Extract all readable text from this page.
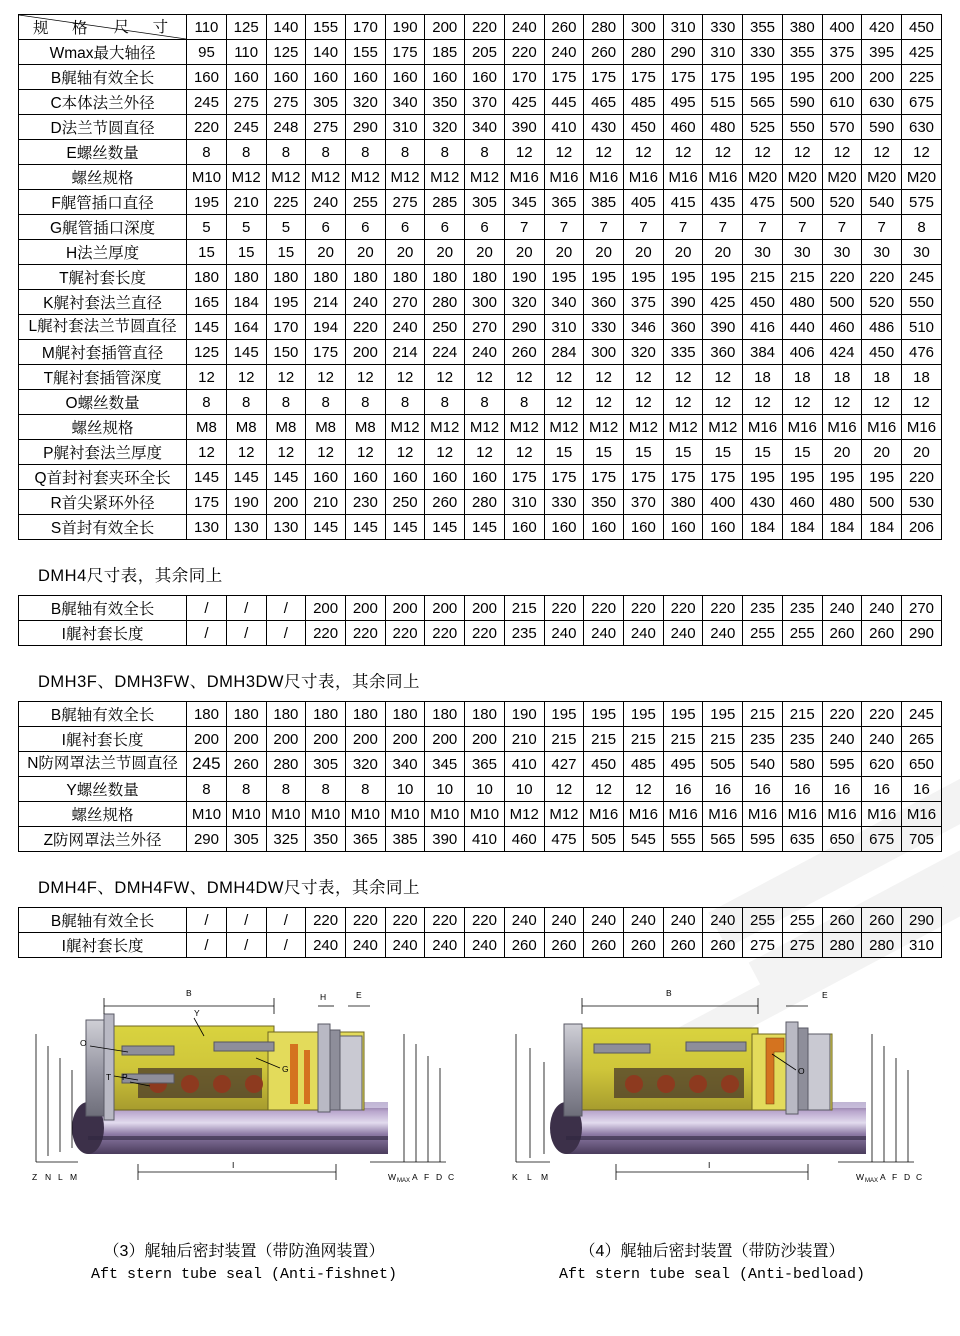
尺　寸
规　格	110	125	140	155	170	190	200	220	240	260	280	300	310	330	355	380	400	420	450
Wmax最大轴径	95	110	125	140	155	175	185	205	220	240	260	280	290	310	330	355	375	395	425
B艉轴有效全长	160	160	160	160	160	160	160	160	170	175	175	175	175	175	195	195	200	200	225
C本体法兰外径	245	275	275	305	320	340	350	370	425	445	465	485	495	515	565	590	610	630	675
D法兰节圆直径	220	245	248	275	290	310	320	340	390	410	430	450	460	480	525	550	570	590	630
E螺丝数量	8	8	8	8	8	8	8	8	12	12	12	12	12	12	12	12	12	12	12
螺丝规格	M10	M12	M12	M12	M12	M12	M12	M12	M16	M16	M16	M16	M16	M16	M20	M20	M20	M20	M20
F艉管插口直径	195	210	225	240	255	275	285	305	345	365	385	405	415	435	475	500	520	540	575
G艉管插口深度	5	5	5	6	6	6	6	6	7	7	7	7	7	7	7	7	7	7	8
H法兰厚度	15	15	15	20	20	20	20	20	20	20	20	20	20	20	30	30	30	30	30
T艉衬套长度	180	180	180	180	180	180	180	180	190	195	195	195	195	195	215	215	220	220	245
K艉衬套法兰直径	165	184	195	214	240	270	280	300	320	340	360	375	390	425	450	480	500	520	550
L艉衬套法兰节圆直径	145	164	170	194	220	240	250	270	290	310	330	346	360	390	416	440	460	486	510
M艉衬套插管直径	125	145	150	175	200	214	224	240	260	284	300	320	335	360	384	406	424	450	476
T艉衬套插管深度	12	12	12	12	12	12	12	12	12	12	12	12	12	12	18	18	18	18	18
O螺丝数量	8	8	8	8	8	8	8	8	8	12	12	12	12	12	12	12	12	12	12
螺丝规格	M8	M8	M8	M8	M8	M12	M12	M12	M12	M12	M12	M12	M12	M12	M16	M16	M16	M16	M16
P艉衬套法兰厚度	12	12	12	12	12	12	12	12	12	15	15	15	15	15	15	15	20	20	20
Q首封衬套夹环全长	145	145	145	160	160	160	160	160	175	175	175	175	175	175	195	195	195	195	220
R首尖紧环外径	175	190	200	210	230	250	260	280	310	330	350	370	380	400	430	460	480	500	530
S首封有效全长	130	130	130	145	145	145	145	145	160	160	160	160	160	160	184	184	184	184	206
DMH4尺寸表，其余同上
B艉轴有效全长	/	/	/	200	200	200	200	200	215	220	220	220	220	220	235	235	240	240	270
I艉衬套长度	/	/	/	220	220	220	220	220	235	240	240	240	240	240	255	255	260	260	290
DMH3F、DMH3FW、DMH3DW尺寸表，其余同上
B艉轴有效全长	180	180	180	180	180	180	180	180	190	195	195	195	195	195	215	215	220	220	245
I艉衬套长度	200	200	200	200	200	200	200	200	210	215	215	215	215	215	235	235	240	240	265
N防网罩法兰节圆直径	245	260	280	305	320	340	345	365	410	427	450	485	495	505	540	580	595	620	650
Y螺丝数量	8	8	8	8	8	10	10	10	10	12	12	12	16	16	16	16	16	16	16
螺丝规格	M10	M10	M10	M10	M10	M10	M10	M10	M12	M12	M16	M16	M16	M16	M16	M16	M16	M16	M16
Z防网罩法兰外径	290	305	325	350	365	385	390	410	460	475	505	545	555	565	595	635	650	675	705
DMH4F、DMH4FW、DMH4DW尺寸表，其余同上
B艉轴有效全长	/	/	/	220	220	220	220	220	240	240	240	240	240	240	255	255	260	260	290
I艉衬套长度	/	/	/	240	240	240	240	240	260	260	260	260	260	260	275	275	280	280	310
B
Y
H	E
O
T P
G
Z N L M
I
W MAX A F D C
B	E
O
K L M
I
W MAX A F D C
（3）艉轴后密封装置（带防渔网装置）
Aft stern tube seal (Anti-fishnet)
（4）艉轴后密封装置（带防沙装置）
Aft stern tube seal (Anti-bedload)
